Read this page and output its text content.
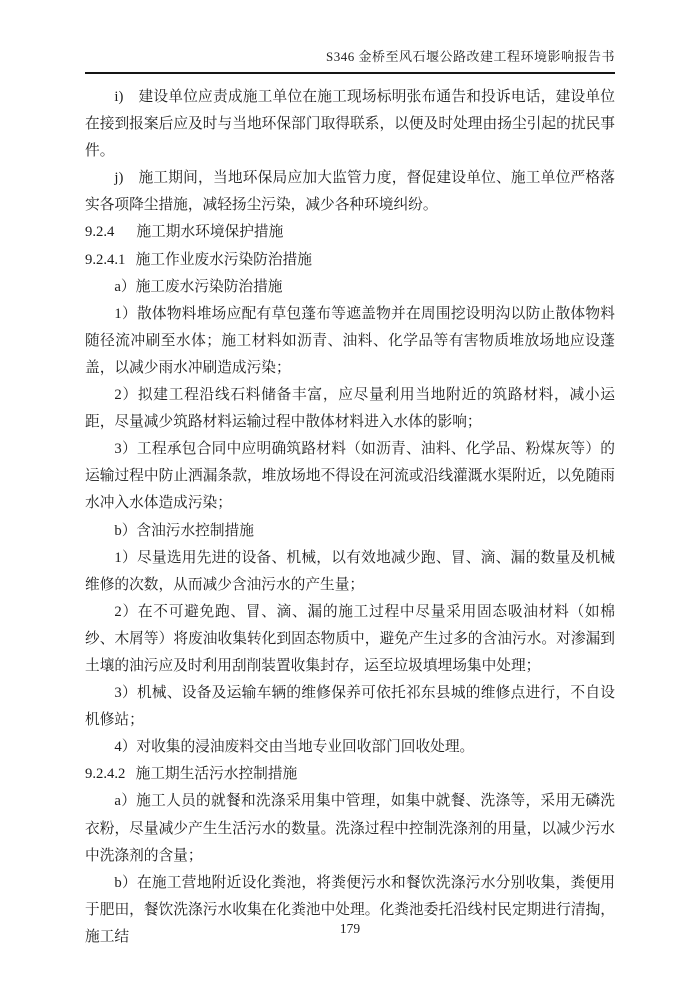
S346 金桥至风石堰公路改建工程环境影响报告书

i)　建设单位应责成施工单位在施工现场标明张布通告和投诉电话，建设单位在接到报案后应及时与当地环保部门取得联系，以便及时处理由扬尘引起的扰民事件。

j)　施工期间，当地环保局应加大监管力度，督促建设单位、施工单位严格落实各项降尘措施，减轻扬尘污染，减少各种环境纠纷。

9.2.4 施工期水环境保护措施

9.2.4.1 施工作业废水污染防治措施

a）施工废水污染防治措施

1）散体物料堆场应配有草包蓬布等遮盖物并在周围挖设明沟以防止散体物料随径流冲刷至水体；施工材料如沥青、油料、化学品等有害物质堆放场地应设蓬盖，以减少雨水冲刷造成污染；

2）拟建工程沿线石料储备丰富，应尽量利用当地附近的筑路材料，减小运距，尽量减少筑路材料运输过程中散体材料进入水体的影响；

3）工程承包合同中应明确筑路材料（如沥青、油料、化学品、粉煤灰等）的运输过程中防止洒漏条款，堆放场地不得设在河流或沿线灌溉水渠附近，以免随雨水冲入水体造成污染；

b）含油污水控制措施

1）尽量选用先进的设备、机械，以有效地减少跑、冒、滴、漏的数量及机械维修的次数，从而减少含油污水的产生量；

2）在不可避免跑、冒、滴、漏的施工过程中尽量采用固态吸油材料（如棉纱、木屑等）将废油收集转化到固态物质中，避免产生过多的含油污水。对渗漏到土壤的油污应及时利用刮削装置收集封存，运至垃圾填埋场集中处理；

3）机械、设备及运输车辆的维修保养可依托祁东县城的维修点进行，不自设机修站；

4）对收集的浸油废料交由当地专业回收部门回收处理。

9.2.4.2 施工期生活污水控制措施

a）施工人员的就餐和洗涤采用集中管理，如集中就餐、洗涤等，采用无磷洗衣粉，尽量减少产生生活污水的数量。洗涤过程中控制洗涤剂的用量，以减少污水中洗涤剂的含量；

b）在施工营地附近设化粪池，将粪便污水和餐饮洗涤污水分别收集，粪便用于肥田，餐饮洗涤污水收集在化粪池中处理。化粪池委托沿线村民定期进行清掏，施工结

179
